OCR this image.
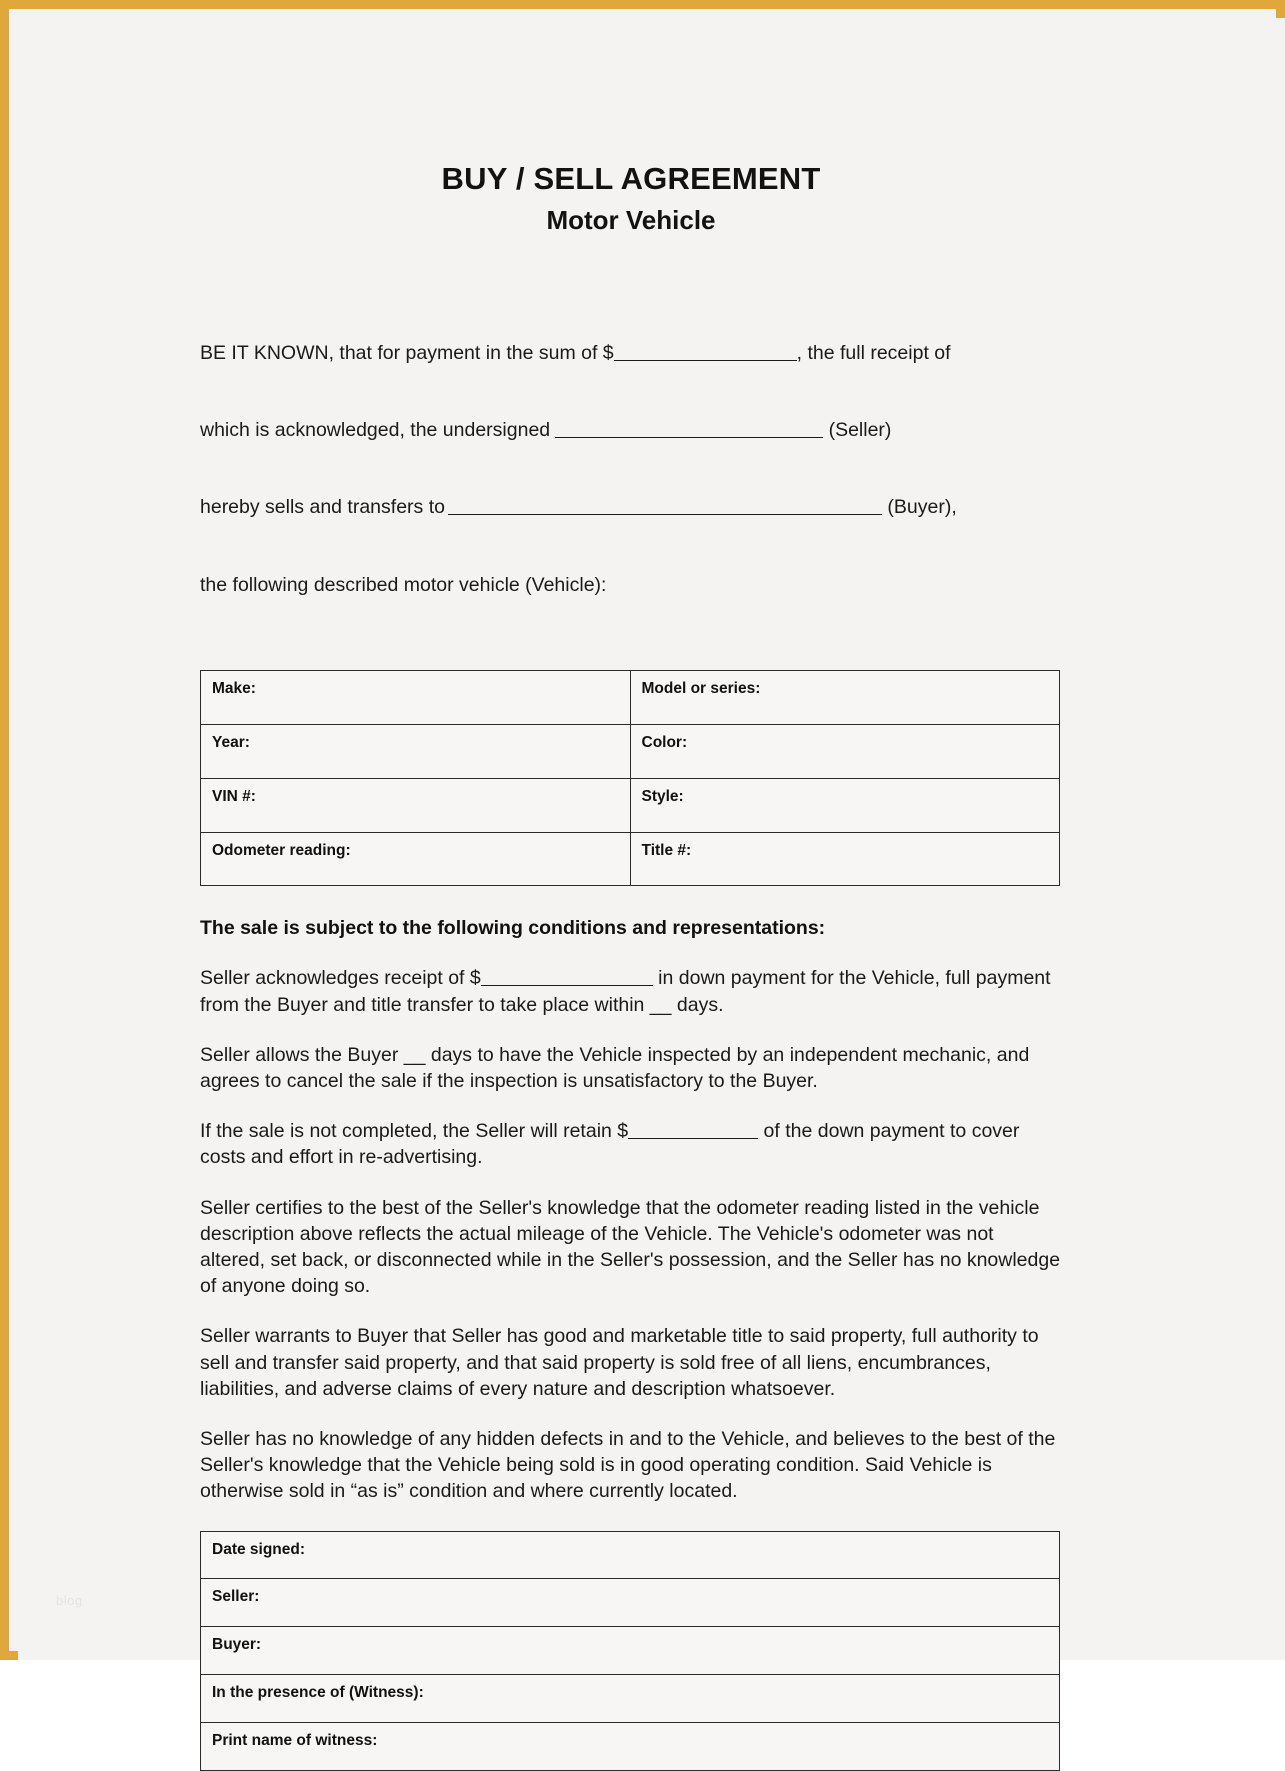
BUY / SELL AGREEMENT
Motor Vehicle

BE IT KNOWN, that for payment in the sum of $	, the full receipt of

which is acknowledged, the undersigned	(Seller)

hereby sells and transfers to	(Buyer),

the following described motor vehicle (Vehicle):

Make:	Model or series:
Year:	Color:
VIN #:	Style:
Odometer reading:	Title #:

The sale is subject to the following conditions and representations:

Seller acknowledges receipt of $	in down payment for the Vehicle, full payment from the Buyer and title transfer to take place within __ days.

Seller allows the Buyer __ days to have the Vehicle inspected by an independent mechanic, and agrees to cancel the sale if the inspection is unsatisfactory to the Buyer.

If the sale is not completed, the Seller will retain $	of the down payment to cover costs and effort in re-advertising.

Seller certifies to the best of the Seller's knowledge that the odometer reading listed in the vehicle description above reflects the actual mileage of the Vehicle. The Vehicle's odometer was not altered, set back, or disconnected while in the Seller's possession, and the Seller has no knowledge of anyone doing so.

Seller warrants to Buyer that Seller has good and marketable title to said property, full authority to sell and transfer said property, and that said property is sold free of all liens, encumbrances, liabilities, and adverse claims of every nature and description whatsoever.

Seller has no knowledge of any hidden defects in and to the Vehicle, and believes to the best of the Seller's knowledge that the Vehicle being sold is in good operating condition. Said Vehicle is otherwise sold in “as is” condition and where currently located.

Date signed:
Seller:
Buyer:
In the presence of (Witness):
Print name of witness:
blog
